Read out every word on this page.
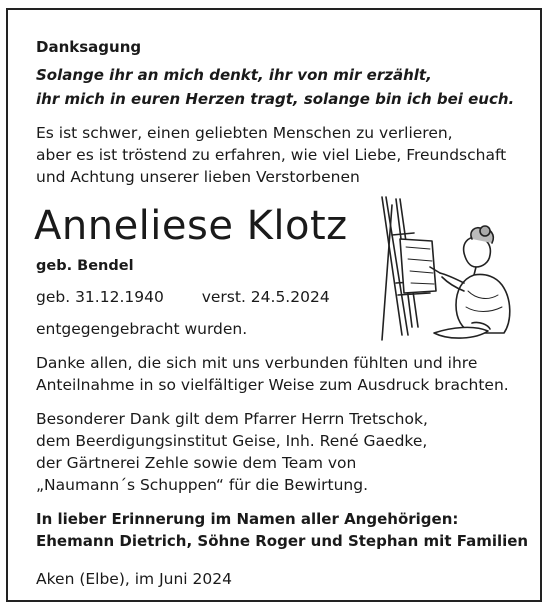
Danksagung
Solange ihr an mich denkt, ihr von mir erzählt,
ihr mich in euren Herzen tragt, solange bin ich bei euch.
Es ist schwer, einen geliebten Menschen zu verlieren,
aber es ist tröstend zu erfahren, wie viel Liebe, Freundschaft
und Achtung unserer lieben Verstorbenen
Anneliese Klotz
geb. Bendel
geb. 31.12.1940 verst. 24.5.2024
entgegengebracht wurden.
Danke allen, die sich mit uns verbunden fühlten und ihre
Anteilnahme in so vielfältiger Weise zum Ausdruck brachten.
Besonderer Dank gilt dem Pfarrer Herrn Tretschok,
dem Beerdigungsinstitut Geise, Inh. René Gaedke,
der Gärtnerei Zehle sowie dem Team von
„Naumann´s Schuppen“ für die Bewirtung.
In lieber Erinnerung im Namen aller Angehörigen:
Ehemann Dietrich, Söhne Roger und Stephan mit Familien
Aken (Elbe), im Juni 2024
